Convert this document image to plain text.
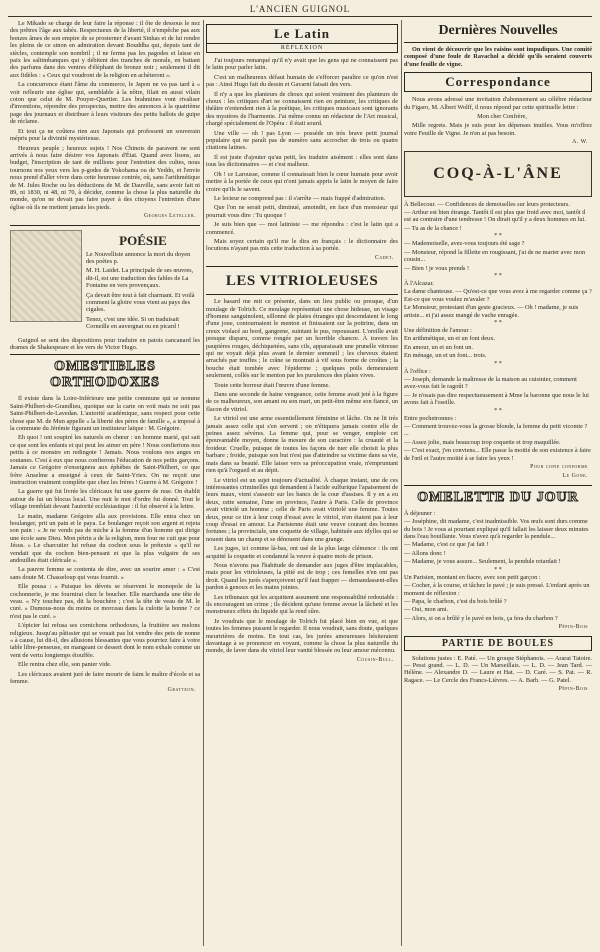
L'ANCIEN GUIGNOL

Le Mikado se charge de leur faire la réponse : il ôte de dessous le nez des prêtres l'âge aux tabès. Respectueux de la liberté, il n'empêche pas aux bonzes âmes de son empire de se prosterner d'avant Sinhas et de lui rendre les pleins de ce sinon en admiration devant Bouddha qui, depuis tant de siècles, contemple son nombril ; il ne ferme pas les pagodes et laisse en paix les saltimbanques qui y débitent des tranches de morale, en battant des parfums dans des ventres d'éléphant de bronze noir ; seulement il dit aux fidèles : « Ceux qui voudront de la religion en achèteront ».

La concurrence étant l'âme du commerce, le Japon ne va pas tard à « voir refleurir une église qui, semblable à la nôtre, filait en aussi vilain coton que celui de M. Pouyer-Quertier. Les brahmines vont rivaliser d'inventions, répondre des prospectus, mettre des annonces à la quatrième page des journaux et distribuer à leurs visiteurs des petits ballots de guipe de réclame.

Et tout ça ne coûtera rien aux Japonais qui professent un souverain mépris pour la divinité mystérieuse.

Heureux peuple ; heureux sujets ! Nos Chinois de paravent ne sont arrivés à nous faire désirer vos Japonais d'État. Quand avez lisons, au budget, l'inscription de tant de millions pour l'entretien des cultes, nous tournons nos yeux vers les p-godes de Yokohama ou de Yeddo, et l'envie nous prend d'aller vivre dans cette heureuse contrée, où, sans l'arithmétique de M. Jules Roche ou les déductions de M. de Dauville, sans avoir fait ni 89, ni 1830, ni 48, ni 70, à décider, comme la chose la plus naturelle du monde, qu'on ne devait pas faire payer à des citoyens l'entretien d'une église où ils ne mettent jamais les pieds.

Georges Leteller.

POÉSIE

Le Nouvelliste annonce la mort du doyen des poètes p.

M. H. Laidet. La principale de ses œuvres, dit-il, est une traduction des fables de La Fontaine en vers provençaux.

Ça devait être tout à fait charmant. Et voilà comment la gloire vous vient au pays des cigales.

Tenez, c'est une idée. Si on traduisait Corneille en auvergnat ou en picard !

Guignol se sent des dispositions pour traduire en patois cancanard les drames de Shakespeare et les vers de Victor Hugo.

OMESTIBLES ORTHODOXES

Il existe dans la Loire-Inférieure une petite commune qui se nomme Saint-Philbert-de-Grandlieu, quoique sur la carte on voit mais ne soit pas Saint-Philbert-de-Lavedan. L'autorité académique, sans respect pour cette chose que M. de Mun appelle « la liberté des pères de famille », a imposé à la commune du Jérémie figurant un instituteur laïque : M. Grégoire.

Eh quoi ! ont soupiré les naturels en chœur : un homme marié, qui sait ce que sont les enfants et qui peut les aimer en père ! Nous confierions nos petits à ce monstre en redingote ! Jamais. Nous voulons nos anges en soutanes. C'est à eux que nous confierons l'éducation de nos petits garçons. Jamais ce Grégoire n'enseignera aux éphèbes de Saint-Philbert, ce que frère Anselme a enseigné à ceux de Saint-Yriex. On ne reçoit une instruction vraiment complète que chez les frères ! Guerre à M. Grégoire !

La guerre qui fut livrée les cléricaux fut une guerre de ruse. On établit autour de lui un blocus local. Une nuit le mot d'ordre fut donné. Tout le village tremblait devant l'autorité ecclésiastique : il fut observé à la lettre.

Le matin, madame Grégoire alla aux provisions. Elle entra chez un boulanger, prit un pain et le paya. Le boulanger reçoit son argent et rejeta son pain : « Je ne vends pas de miche à la femme d'un homme qui dirige une école sans Dieu. Mon pétrin a de la religion, mon four ne cuit que pour Jésus. » Le charcutier lui refuse du cochon sous le prétexte « qu'il ne vendait que du cochon bien-pensant et que la plus vulgaire de ses andouilles était cléricale ».

La pauvre femme se contenta de dire, avec un sourire amer : « C'est sans doute M. Chasseloup qui vous fournit. »

Elle pousa : « Puisque les dévots se réservent le monopole de la cochonnerie, je me fournirai chez le boucher. Elle marchanda une tête de veau. « N'y touchez pas, dit la bouchère ; c'est la tête de veau de M. le curé. » Dumous-nous du moins ce morceau dans la culotte la bonne ? ce n'est pas le curé. »

L'épicier lui refusa ses cornichons orthodoxes, la fruitière ses melons religieux. Jusqu'au pâtissier qui se vouait pas lui vendre des pets de nonne « à cause, lui dit-il, des allusions blessantes que vous pourriez faire à votre table libre-penseuse, en mangeant ce dessert dont le nom exhale comme un vent de vertu longtemps étouffée.

Elle rentra chez elle, son panier vide.

Les cléricaux avaient juré de faire mourir de faim le maître d'école et sa femme.

Gratteon.

Le Latin
RÉFLEXION

J'ai toujours remarqué qu'il n'y avait que les gens qui ne connaissent pas le latin pour parler latin.

C'est un malheureux défaut humain de s'efforcer paraître ce qu'on n'est pas : Ainsi Hugo fait du dessin et Gavarni faisait des vers.

Il n'y a que les planteurs de choux qui soient vraiment des planteurs de choux : les critiques d'art ne connaissent rien en peinture, les critiques de théâtre n'entendent rien à la poétique, les critiques musicaux sont ignorants des mystères de l'harmonie. J'ai même connu un rédacteur de l'Art musical, chargé spécialement de l'Opéra : il était sourd.

Une ville — oh ! pas Lyon — possède un très brave petit journal populaire qui ne paraît pas de numéro sans accrocher de trois ou quatre citations latines.

Il est juste d'ajouter qu'au petit, les traduire aisément : elles sont dans tous les dictionnaires — et c'est malheur.

Oh ! ce Larousse, comme il connaissait bien le cœur humain pour avoir mettre à la portée de ceux qui n'ont jamais appris le latin le moyen de faire croire qu'ils le savent.

Le lecteur ne comprend pas : il s'arrête — mais frappé d'admiration.

Que l'on ne serait petit, diminué, amoindri, en face d'un monsieur qui pourrait vous dire : Tu quoque !

Je suis bien que — moi latiniste — me répondra : c'est le latin qui a commencé.

Mais soyez certain qu'il me le dira en français : le dictionnaire des locutions n'ayant pas mis cette traduction à sa portée.

Cadet.

LES VITRIOLEUSES

Le hasard me mit ce présente, dans un lieu public ou presque, d'un moulage de Tolrich. Ce moulage représentait une chose hideuse, un visage d'homme sanguinolent, sillonné de plaies étranges qui descendaient le long d'une joue, contournaient le menton et finissaient sur la poitrine, dans un creux violacé au bord, gangrene, suintant le pus, repoussant. L'oreille avait presque disparu, comme rongée par un horrible chancre. À travers les paupières rouges, déchiquetées, sans cils, apparaissait une prunelle vitreuse qui ne voyait déjà plus avant le dernier sommeil ; les cheveux étaient arrachés par touffes ; le crâne se montrait à vif sous forme de croûtes ; la bouche était tombée avec l'épiderme ; quelques poils demeuraient seulement, collés sur le menton par les purulences des plaies vives.

Toute cette horreur était l'œuvre d'une femme.

Dans une seconde de haine vengeance, cette femme avait jeté à la figure de ce malheureux, son amant ou son mari, un petit-être même son fiancé, un flacon de vitriol.

Le vitriol est une arme essentiellement féminine et lâche. On ne lit très jamais assez celle qui s'en servent ; on n'étiquera jamais contre elle de peines assez sévères. La femme qui, pour se venger, emploie cet épouvantable moyen, donne la mesure de son caractère : la cruauté et la froideur. Cruelle, puisque de toutes les façons de tuer elle choisit la plus barbare ; froide, puisque son but n'est pas d'atteindre sa victime dans sa vie, mais dans sa beauté. Elle laisse vers sa préoccupation vraie, n'empruntant rien qu'à l'orgueil et au dépit.

Le vitriol est un sujet toujours d'actualité. À chaque instant, une de ces intéressantes criminelles qui demandent à l'acide sulfurique l'apaisement de leurs maux, vient s'asseoir sur les bancs de la cour d'assises. Il y en a eu deux, cette semaine, l'une en province, l'autre à Paris. Celle de province avait vitriolé un homme ; celle de Paris avait vitriolé une femme. Toutes deux, pour ce tire à leur coup d'essai avec le vitriol, n'en étaient pas à leur coup d'essai en amour. La Parisienne était une veuve courant des bonnes fortunes ; la provinciale, une coquette de village, habituée aux idylles qui se nouent dans un champ et se dénouent dans une grange.

Les juges, ici comme là-bas, ont usé de la plus large clémence : ils ont acquitté la coquette et condamné la veuve à quatre mois de prison.

Nous n'avons pas l'habitude de demander aux juges d'être implacables, mais pour les vitrioleuses, la pitié est de trop ; ces femelles n'en ont pas droit. Quand les jurés s'aperçoivent qu'il faut frapper — demandassent-elles pardon à genoux et les mains jointes.

Les tribunaux qui les acquittent assument une responsabilité redoutable : ils encouragent un crime ; ils décident qu'une femme avoue la lâcheté et les monstrueux effets du liquide qui la rend sûre.

Je voudrais que le moulage de Tolrich fut placé bien en vue, et que toutes les femmes pussent le regarder. Il nous voudrait, sans doute, quelques meurtrières de moins. En tout cas, les jurées amoureuses hésiteraient davantage à se prononcer en voyant, comme la chose la plus naturelle du monde, de laver dans du vitriol leur vanité blessée ou leur amour méconnu.

Cousin-Bull.

Dernières Nouvelles

On vient de découvrir que les raisins sont impudiques. Une comité composé d'une foule de Ravachol a décidé qu'ils seraient couverts d'une feuille de vigne.

Correspondance

Nous avons adressé une invitation d'abonnement au célèbre rédacteur du Figaro, M. Albert Wolff, il nous répond par cette spirituelle lettre :

Mon cher Confrère,

Mille regrets. Mais je suis pour les dépenses inutiles. Vous m'offrez votre Feuille de Vigne. Je n'en ai pas besoin.

A. W.

COQ-À-L'ÂNE

À Bellecour. — Confidences de demoiselles sur leurs protecteurs.

— Arthur est bien étrange. Tantôt il est plus que froid avec moi, tantôt il est au contraire d'une tendresse ! On dirait qu'il y a deux hommes en lui.

— Tu as de la chance !

* *

— Mademoiselle, avez-vous toujours été sage ?

— Monsieur, répond la fillette en rougissant, j'ai de ne marier avec mon cousin...

— Bien ! je vous prends !

* *

À l'Alcazar.

La dame chanteuse. — Qu'est-ce que vous avez à me regarder comme ça ? Est-ce que vous voulez m'avaler ?

Le Monsieur, protestant d'un geste gracieux. — Oh ! madame, je suis artiste... et j'ai assez mangé de vache enragée.

* *

Une définition de l'amour :

En arithmétique, un et un font deux.

En amour, un et un font un.

En ménage, un et un font... trois.

* *

À l'office :

— Joseph, demande la maîtresse de la maison au cuisinier, comment avez-vous fait le ragoût ?

— Je n'osais pas dire respectueusement à Mme la baronne que nous le lui avons fait à l'oseille.

* *

Entre pochetronnes :

— Comment trouvez-vous la grosse blonde, la femme du petit vicomte ? ...

— Assez jolie, mais beaucoup trop coquette et trop maquillée.

— C'est exact, j'en conviens... Elle passe la moitié de son existence à faire de l'œil et l'autre moitié à se faire les yeux !

Pour copie conforme

Le Gone.

OMELETTE DU JOUR

À déjeuner :

— Joséphine, dit madame, c'est inadmissible. Vos œufs sont durs comme du bois ! Je vous ai pourtant expliqué qu'il fallait les laisser deux minutes dans l'eau bouillante. Vous n'avez qu'à regarder la pendule...

— Madame, c'est ce que j'ai fait !

— Allons donc !

— Madame, je vous assure... Seulement, la pendule retardait !

* *

Un Parisien, montant en fiacre, avec son petit garçon :

— Cocher, à la course, et tâchez le pavé ; je suis pressé. L'enfant après un moment de réflexion :

— Papa, le charbon, c'est du bois brûlé ?

— Oui, mon ami.

— Alors, si on a brûlé y le pavé en bois, ça fera du charbon ?

Pépin-Bois

PARTIE DE BOULES

Solutions justes : E. Paté. — Un groupe Stéphanois. — Ararat Tatoire. — Pessi grand. — L. D. — Un Marseillais. — L. D. — Jean Tard. — Hélène. — Alexandre D. — Laure et Hat. — D. Caré. — S. Pat. — R. Ragace. — Le Cercle des Francs-Lièvres. — A. Barb. — G. Patel.

Pépin-Bois
